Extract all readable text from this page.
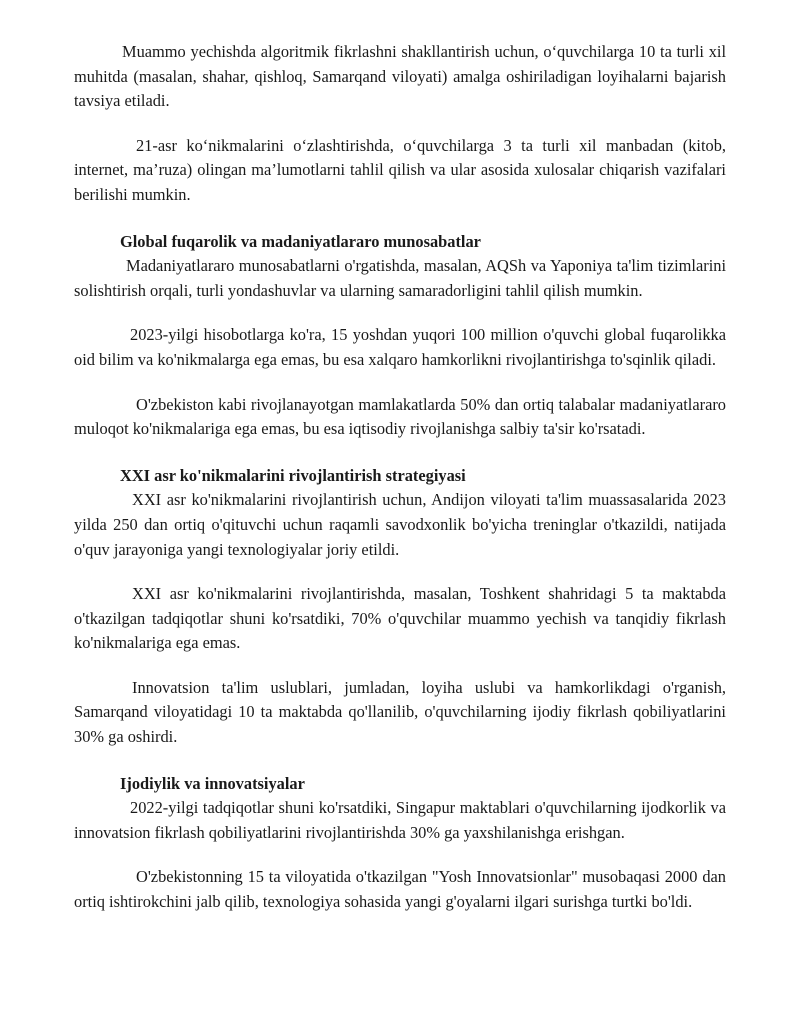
Muammo yechishda algoritmik fikrlashni shakllantirish uchun, o‘quvchilarga 10 ta turli xil muhitda (masalan, shahar, qishloq, Samarqand viloyati) amalga oshiriladigan loyihalarni bajarish tavsiya etiladi.

21-asr ko‘nikmalarini o‘zlashtirishda, o‘quvchilarga 3 ta turli xil manbadan (kitob, internet, ma’ruza) olingan ma’lumotlarni tahlil qilish va ular asosida xulosalar chiqarish vazifalari berilishi mumkin.

Global fuqarolik va madaniyatlararo munosabatlar

Madaniyatlararo munosabatlarni o'rgatishda, masalan, AQSh va Yaponiya ta'lim tizimlarini solishtirish orqali, turli yondashuvlar va ularning samaradorligini tahlil qilish mumkin.

2023-yilgi hisobotlarga ko'ra, 15 yoshdan yuqori 100 million o'quvchi global fuqarolikka oid bilim va ko'nikmalarga ega emas, bu esa xalqaro hamkorlikni rivojlantirishga to'sqinlik qiladi.

O'zbekiston kabi rivojlanayotgan mamlakatlarda 50% dan ortiq talabalar madaniyatlararo muloqot ko'nikmalariga ega emas, bu esa iqtisodiy rivojlanishga salbiy ta'sir ko'rsatadi.

XXI asr ko'nikmalarini rivojlantirish strategiyasi

XXI asr ko'nikmalarini rivojlantirish uchun, Andijon viloyati ta'lim muassasalarida 2023 yilda 250 dan ortiq o'qituvchi uchun raqamli savodxonlik bo'yicha treninglar o'tkazildi, natijada o'quv jarayoniga yangi texnologiyalar joriy etildi.

XXI asr ko'nikmalarini rivojlantirishda, masalan, Toshkent shahridagi 5 ta maktabda o'tkazilgan tadqiqotlar shuni ko'rsatdiki, 70% o'quvchilar muammo yechish va tanqidiy fikrlash ko'nikmalariga ega emas.

Innovatsion ta'lim uslublari, jumladan, loyiha uslubi va hamkorlikdagi o'rganish, Samarqand viloyatidagi 10 ta maktabda qo'llanilib, o'quvchilarning ijodiy fikrlash qobiliyatlarini 30% ga oshirdi.

Ijodiylik va innovatsiyalar

2022-yilgi tadqiqotlar shuni ko'rsatdiki, Singapur maktablari o'quvchilarning ijodkorlik va innovatsion fikrlash qobiliyatlarini rivojlantirishda 30% ga yaxshilanishga erishgan.

O'zbekistonning 15 ta viloyatida o'tkazilgan "Yosh Innovatsionlar" musobaqasi 2000 dan ortiq ishtirokchini jalb qilib, texnologiya sohasida yangi g'oyalarni ilgari surishga turtki bo'ldi.
